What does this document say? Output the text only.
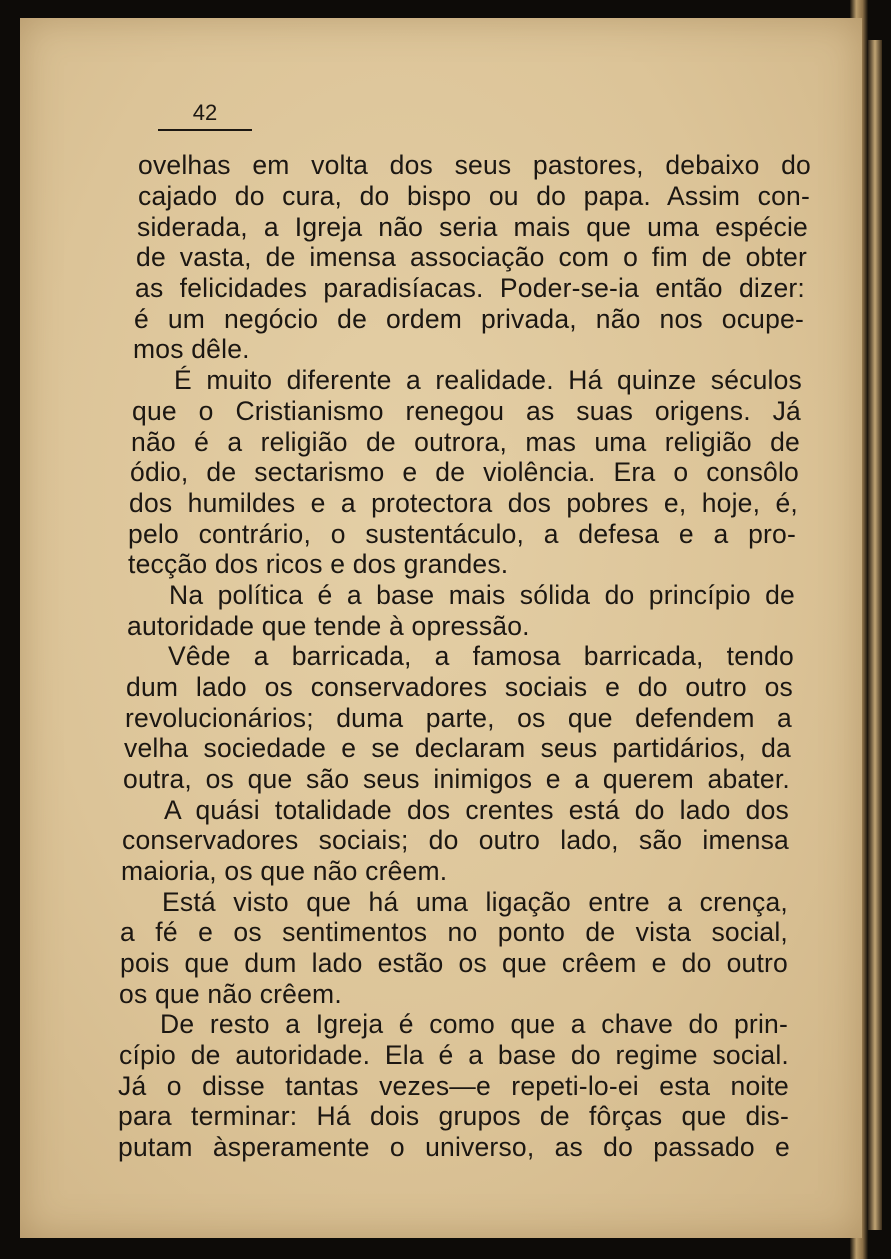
42

ovelhas em volta dos seus pastores, debaixo do

cajado do cura, do bispo ou do papa. Assim con-

siderada, a Igreja não seria mais que uma espécie

de vasta, de imensa associação com o fim de obter

as felicidades paradisíacas. Poder-se-ia então dizer:

é um negócio de ordem privada, não nos ocupe-

mos dêle.

É muito diferente a realidade. Há quinze séculos

que o Cristianismo renegou as suas origens. Já

não é a religião de outrora, mas uma religião de

ódio, de sectarismo e de violência. Era o consôlo

dos humildes e a protectora dos pobres e, hoje, é,

pelo contrário, o sustentáculo, a defesa e a pro-

tecção dos ricos e dos grandes.

Na política é a base mais sólida do princípio de

autoridade que tende à opressão.

Vêde a barricada, a famosa barricada, tendo

dum lado os conservadores sociais e do outro os

revolucionários; duma parte, os que defendem a

velha sociedade e se declaram seus partidários, da

outra, os que são seus inimigos e a querem abater.

A quási totalidade dos crentes está do lado dos

conservadores sociais; do outro lado, são imensa

maioria, os que não crêem.

Está visto que há uma ligação entre a crença,

a fé e os sentimentos no ponto de vista social,

pois que dum lado estão os que crêem e do outro

os que não crêem.

De resto a Igreja é como que a chave do prin-

cípio de autoridade. Ela é a base do regime social.

Já o disse tantas vezes—e repeti-lo-ei esta noite

para terminar: Há dois grupos de fôrças que dis-

putam àsperamente o universo, as do passado e
